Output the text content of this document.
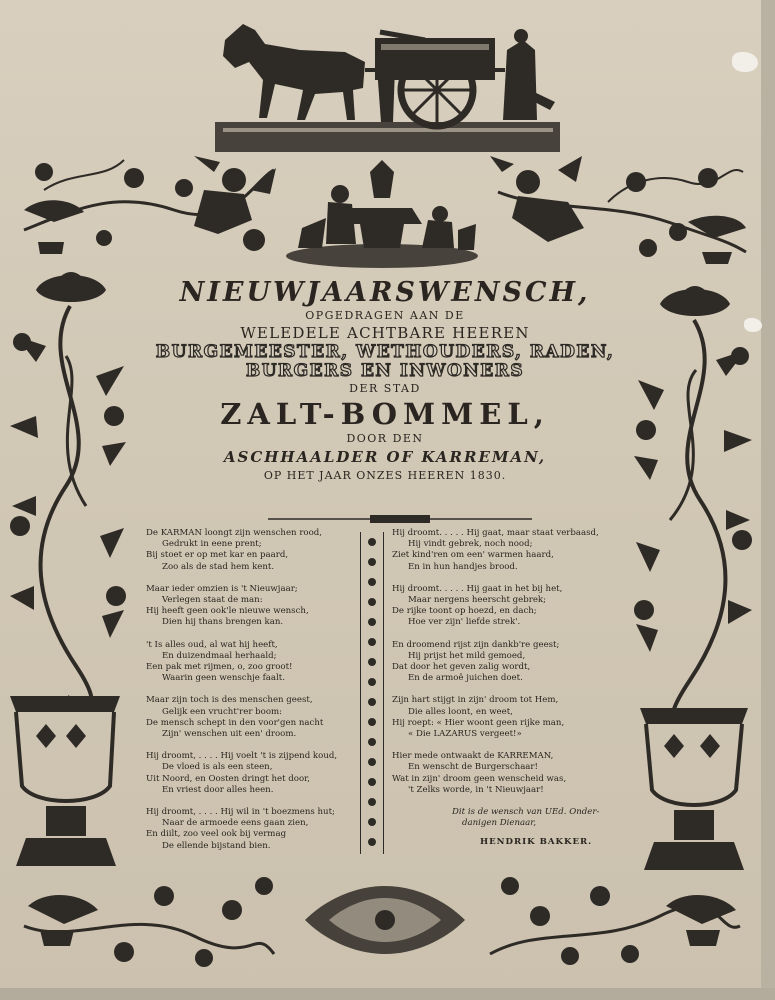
NIEUWJAARSWENSCH,
OPGEDRAGEN AAN DE
WELEDELE ACHTBARE HEEREN
BURGEMEESTER, WETHOUDERS, RADEN,
BURGERS EN INWONERS
DER STAD
ZALT-BOMMEL,
DOOR DEN
ASCHHAALDER OF KARREMAN,
OP HET JAAR ONZES HEEREN 1830.
De KARMAN loongt zijn wenschen rood,
Gedrukt in eene prent;
Bij stoet er op met kar en paard,
Zoo als de stad hem kent.
Maar ieder omzien is 't Nieuwjaar;
Verlegen staat de man:
Hij heeft geen ook'le nieuwe wensch,
Dien hij thans brengen kan.
't Is alles oud, al wat hij heeft,
En duizendmaal herhaald;
Een pak met rijmen, o, zoo groot!
Waarin geen wenschje faalt.
Maar zijn toch is des menschen geest,
Gelijk een vrucht'rer boom:
De mensch schept in den voor'gen nacht
Zijn' wenschen uit een' droom.
Hij droomt, . . . . Hij voelt 't is zijpend koud,
De vloed is als een steen,
Uit Noord, en Oosten dringt het door,
En vriest door alles heen.
Hij droomt, . . . . Hij wil in 't boezmens hut;
Naar de armoede eens gaan zien,
En diilt, zoo veel ook bij vermag
De ellende bijstand bien.
Hij droomt. . . . . Hij gaat, maar staat verbaasd,
Hij vindt gebrek, noch nood;
Ziet kind'ren om een' warmen haard,
En in hun handjes brood.
Hij droomt. . . . . Hij gaat in het bij het,
Maar nergens heerscht gebrek;
De rijke toont op hoezd, en dach;
Hoe ver zijn' liefde strek'.
En droomend rijst zijn dankb're geest;
Hij prijst het mild gemoed,
Dat door het geven zalig wordt,
En de armoê juichen doet.
Zijn hart stijgt in zijn' droom tot Hem,
Die alles loont, en weet,
Hij roept: « Hier woont geen rijke man,
« Die LAZARUS vergeet!»
Hier mede ontwaakt de KARREMAN,
En wenscht de Burgerschaar!
Wat in zijn' droom geen wenscheid was,
't Zelks worde, in 't Nieuwjaar!
Dit is de wensch van UEd. Onder-
danigen Dienaar,
HENDRIK BAKKER.
